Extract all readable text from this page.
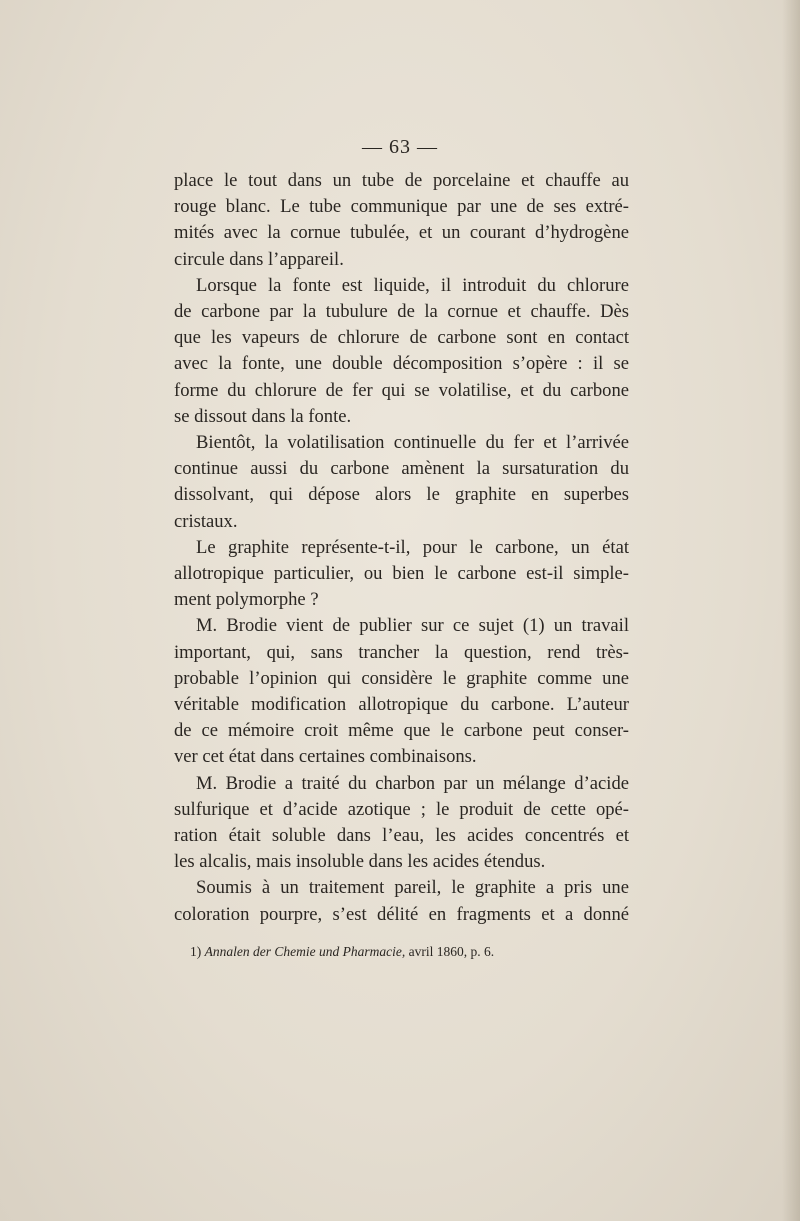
— 63 —

place le tout dans un tube de porcelaine et chauffe au
rouge blanc. Le tube communique par une de ses extré-
mités avec la cornue tubulée, et un courant d’hydrogène
circule dans l’appareil.

Lorsque la fonte est liquide, il introduit du chlorure
de carbone par la tubulure de la cornue et chauffe. Dès
que les vapeurs de chlorure de carbone sont en contact
avec la fonte, une double décomposition s’opère : il se
forme du chlorure de fer qui se volatilise, et du carbone
se dissout dans la fonte.

Bientôt, la volatilisation continuelle du fer et l’arrivée
continue aussi du carbone amènent la sursaturation du
dissolvant, qui dépose alors le graphite en superbes
cristaux.

Le graphite représente-t-il, pour le carbone, un état
allotropique particulier, ou bien le carbone est-il simple-
ment polymorphe ?

M. Brodie vient de publier sur ce sujet (1) un travail
important, qui, sans trancher la question, rend très-
probable l’opinion qui considère le graphite comme une
véritable modification allotropique du carbone. L’auteur
de ce mémoire croit même que le carbone peut conser-
ver cet état dans certaines combinaisons.

M. Brodie a traité du charbon par un mélange d’acide
sulfurique et d’acide azotique ; le produit de cette opé-
ration était soluble dans l’eau, les acides concentrés et
les alcalis, mais insoluble dans les acides étendus.

Soumis à un traitement pareil, le graphite a pris une
coloration pourpre, s’est délité en fragments et a donné

1) Annalen der Chemie und Pharmacie, avril 1860, p. 6.
